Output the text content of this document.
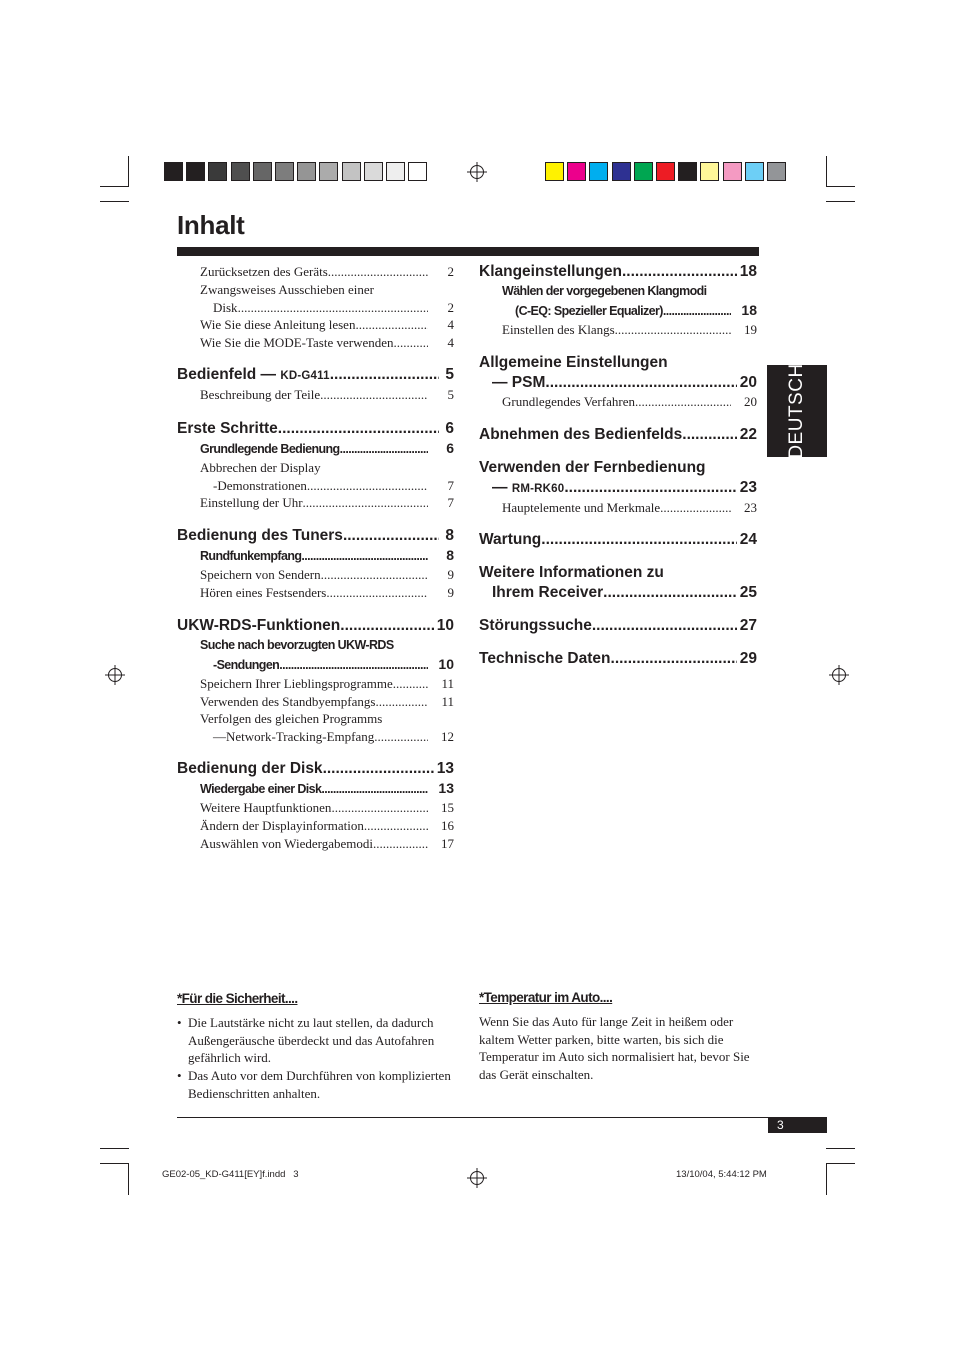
Inhalt
DEUTSCH
Zurücksetzen des Geräts .....	2
Zwangsweises Ausschieben einer
Disk .....	2
Wie Sie diese Anleitung lesen .....	4
Wie Sie die MODE-Taste verwenden .....	4
Bedienfeld — KD-G411 .....	5
Beschreibung der Teile .....	5
Erste Schritte .....	6
Grundlegende Bedienung .....	6
Abbrechen der Display
-Demonstrationen .....	7
Einstellung der Uhr .....	7
Bedienung des Tuners .....	8
Rundfunkempfang .....	8
Speichern von Sendern .....	9
Hören eines Festsenders .....	9
UKW-RDS-Funktionen .....	10
Suche nach bevorzugten UKW-RDS
-Sendungen .....	10
Speichern Ihrer Lieblingsprogramme .....	11
Verwenden des Standbyempfangs .....	11
Verfolgen des gleichen Programms
—Network-Tracking-Empfang .....	12
Bedienung der Disk .....	13
Wiedergabe einer Disk .....	13
Weitere Hauptfunktionen .....	15
Ändern der Displayinformation .....	16
Auswählen von Wiedergabemodi .....	17
Klangeinstellungen .....	18
Wählen der vorgegebenen Klangmodi
(C-EQ: Spezieller Equalizer) .....	18
Einstellen des Klangs .....	19
Allgemeine Einstellungen
— PSM .....	20
Grundlegendes Verfahren .....	20
Abnehmen des Bedienfelds .....	22
Verwenden der Fernbedienung
— RM-RK60 .....	23
Hauptelemente und Merkmale .....	23
Wartung .....	24
Weitere Informationen zu
Ihrem Receiver .....	25
Störungssuche .....	27
Technische Daten .....	29
*Für die Sicherheit....
• Die Lautstärke nicht zu laut stellen, da dadurch Außengeräusche überdeckt und das Autofahren gefährlich wird.
• Das Auto vor dem Durchführen von komplizierten Bedienschritten anhalten.
*Temperatur im Auto....
Wenn Sie das Auto für lange Zeit in heißem oder kaltem Wetter parken, bitte warten, bis sich die Temperatur im Auto sich normalisiert hat, bevor Sie das Gerät einschalten.
3
GE02-05_KD-G411[EY]f.indd   3	13/10/04, 5:44:12 PM
